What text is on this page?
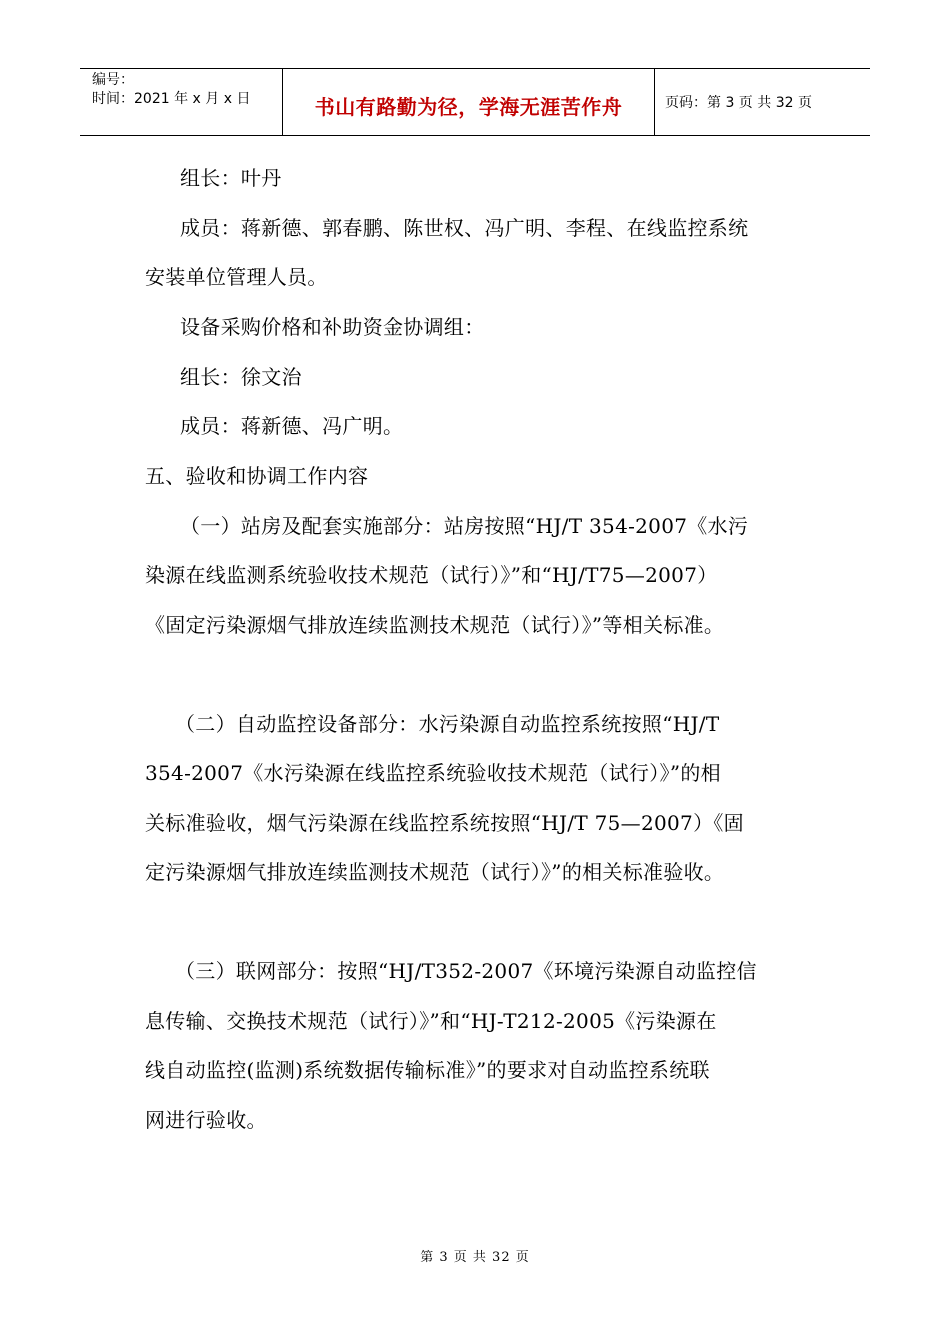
编号：
时间：2021 年 x 月 x 日	书山有路勤为径，学海无涯苦作舟	页码：第 3 页 共 32 页
组长：叶丹
成员：蒋新德、郭春鹏、陈世权、冯广明、李程、在线监控系统
安装单位管理人员。
设备采购价格和补助资金协调组：
组长：徐文治
成员：蒋新德、冯广明。
五、验收和协调工作内容
（一）站房及配套实施部分：站房按照“HJ/T 354-2007《水污
染源在线监测系统验收技术规范（试行）》”和“HJ/T75—2007）
《固定污染源烟气排放连续监测技术规范（试行）》”等相关标准。
（二）自动监控设备部分：水污染源自动监控系统按照“HJ/T
354-2007《水污染源在线监控系统验收技术规范（试行）》”的相
关标准验收，烟气污染源在线监控系统按照“HJ/T 75—2007）《固
定污染源烟气排放连续监测技术规范（试行）》”的相关标准验收。
（三）联网部分：按照“HJ/T352-2007《环境污染源自动监控信
息传输、交换技术规范（试行）》”和“HJ-T212-2005《污染源在
线自动监控(监测)系统数据传输标准》”的要求对自动监控系统联
网进行验收。
第 3 页 共 32 页
